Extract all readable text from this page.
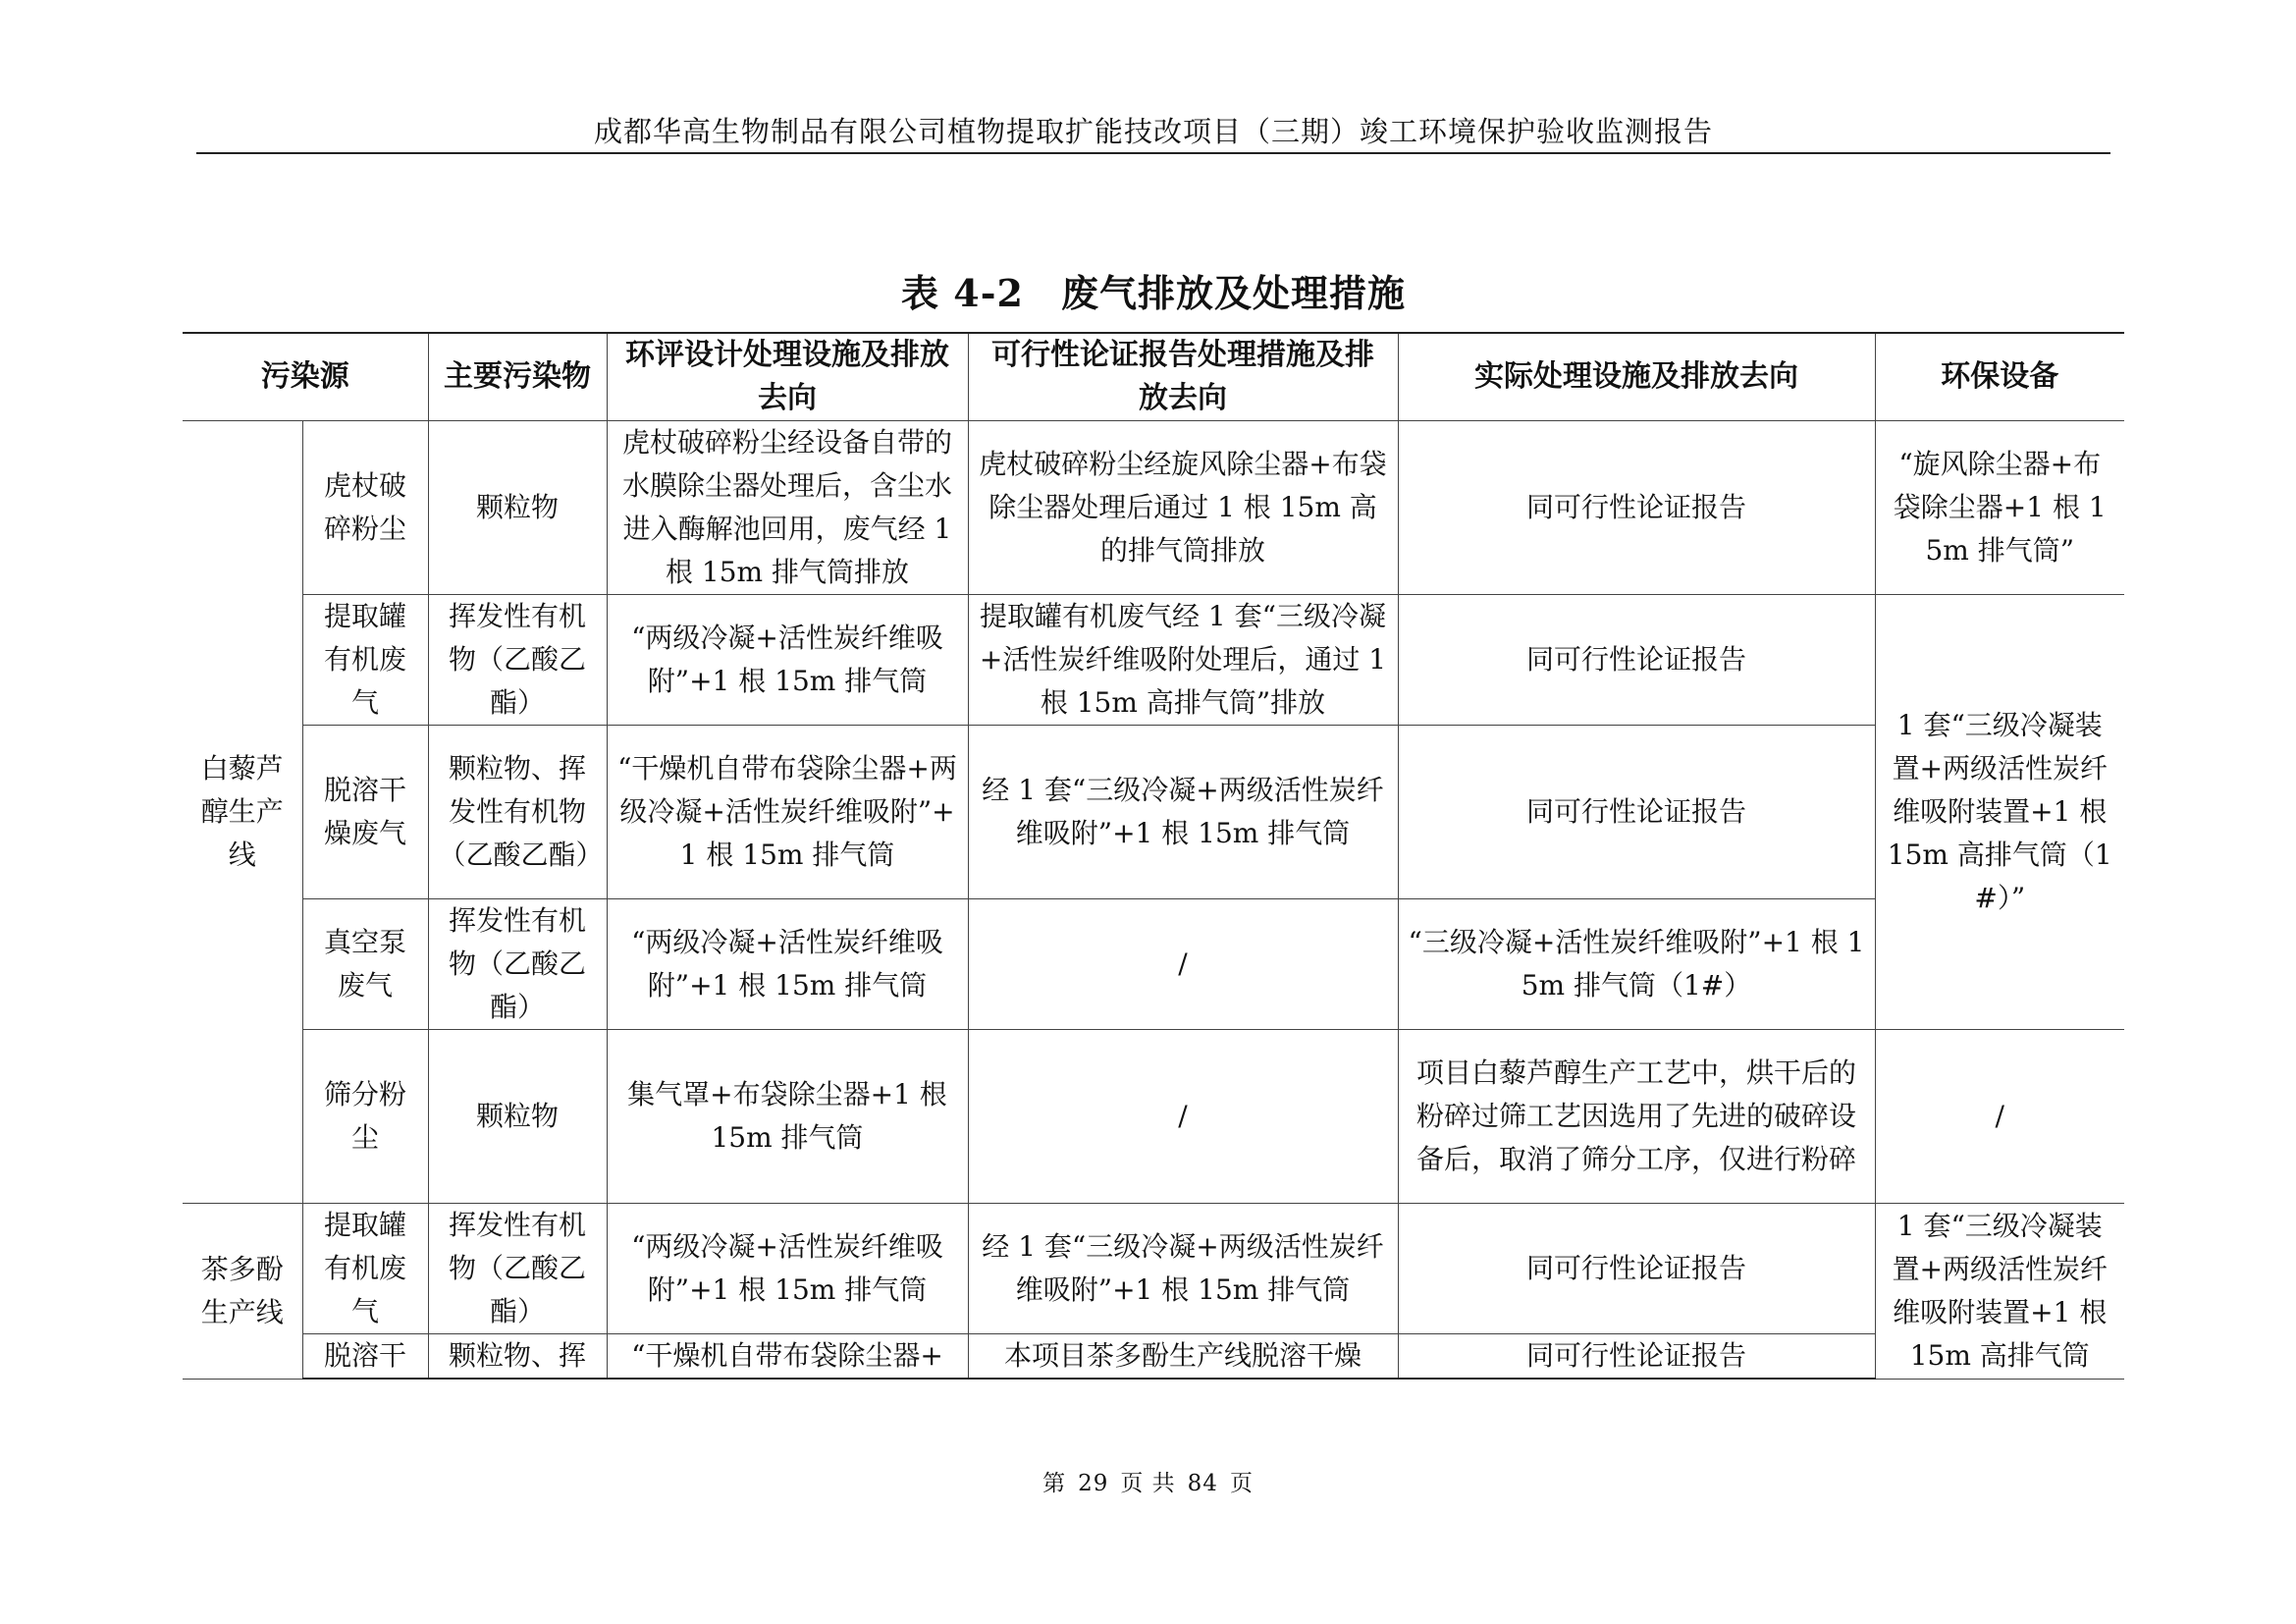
成都华高生物制品有限公司植物提取扩能技改项目（三期）竣工环境保护验收监测报告
表 4-2 废气排放及处理措施
污染源		主要污染物	环评设计处理设施及排放去向	可行性论证报告处理措施及排放去向	实际处理设施及排放去向	环保设备
白藜芦醇生产线	虎杖破碎粉尘	颗粒物	虎杖破碎粉尘经设备自带的水膜除尘器处理后，含尘水进入酶解池回用，废气经 1 根 15m 排气筒排放	虎杖破碎粉尘经旋风除尘器+布袋除尘器处理后通过 1 根 15m 高的排气筒排放	同可行性论证报告	“旋风除尘器+布袋除尘器+1 根 15m 排气筒”
	提取罐有机废气	挥发性有机物（乙酸乙酯）	“两级冷凝+活性炭纤维吸附”+1 根 15m 排气筒	提取罐有机废气经 1 套“三级冷凝+活性炭纤维吸附处理后，通过 1 根 15m 高排气筒”排放	同可行性论证报告	1 套“三级冷凝装置+两级活性炭纤维吸附装置+1 根 15m 高排气筒（1#）”
	脱溶干燥废气	颗粒物、挥发性有机物（乙酸乙酯）	“干燥机自带布袋除尘器+两级冷凝+活性炭纤维吸附”+1 根 15m 排气筒	经 1 套“三级冷凝+两级活性炭纤维吸附”+1 根 15m 排气筒	同可行性论证报告	
	真空泵废气	挥发性有机物（乙酸乙酯）	“两级冷凝+活性炭纤维吸附”+1 根 15m 排气筒	/	“三级冷凝+活性炭纤维吸附”+1 根 15m 排气筒（1#）	
	筛分粉尘	颗粒物	集气罩+布袋除尘器+1 根 15m 排气筒	/	项目白藜芦醇生产工艺中，烘干后的粉碎过筛工艺因选用了先进的破碎设备后，取消了筛分工序，仅进行粉碎	/
茶多酚生产线	提取罐有机废气	挥发性有机物（乙酸乙酯）	“两级冷凝+活性炭纤维吸附”+1 根 15m 排气筒	经 1 套“三级冷凝+两级活性炭纤维吸附”+1 根 15m 排气筒	同可行性论证报告	1 套“三级冷凝装置+两级活性炭纤维吸附装置+1 根 15m 高排气筒
	脱溶干	颗粒物、挥	“干燥机自带布袋除尘器+	本项目茶多酚生产线脱溶干燥	同可行性论证报告	
第 29 页 共 84 页
